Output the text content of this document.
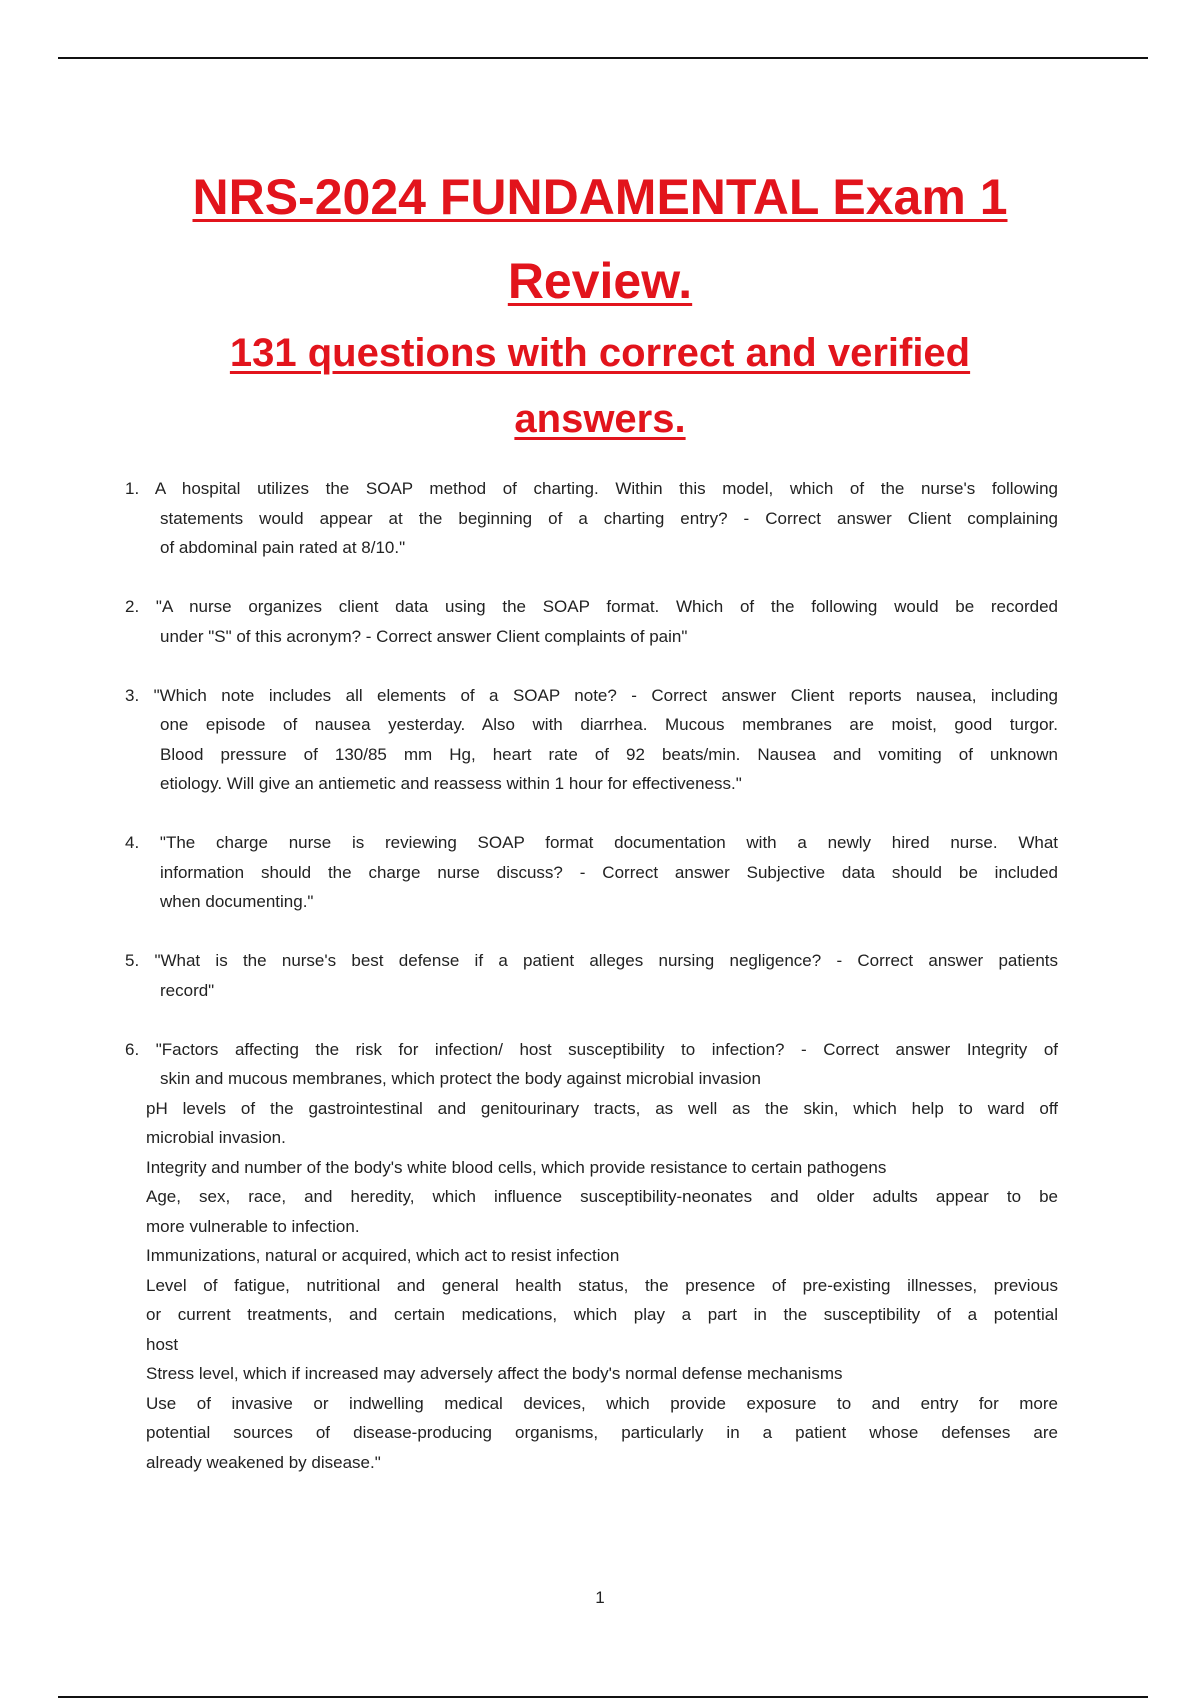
NRS-2024 FUNDAMENTAL Exam 1
Review.
131 questions with correct and verified
answers.
1. A hospital utilizes the SOAP method of charting. Within this model, which of the nurse's following
statements would appear at the beginning of a charting entry? - Correct answer Client complaining
of abdominal pain rated at 8/10."
2. "A nurse organizes client data using the SOAP format. Which of the following would be recorded
under "S" of this acronym? - Correct answer Client complaints of pain"
3. "Which note includes all elements of a SOAP note? - Correct answer Client reports nausea, including
one episode of nausea yesterday. Also with diarrhea. Mucous membranes are moist, good turgor.
Blood pressure of 130/85 mm Hg, heart rate of 92 beats/min. Nausea and vomiting of unknown
etiology. Will give an antiemetic and reassess within 1 hour for effectiveness."
4. "The charge nurse is reviewing SOAP format documentation with a newly hired nurse. What
information should the charge nurse discuss? - Correct answer Subjective data should be included
when documenting."
5. "What is the nurse's best defense if a patient alleges nursing negligence? - Correct answer patients
record"
6. "Factors affecting the risk for infection/ host susceptibility to infection? - Correct answer Integrity of
skin and mucous membranes, which protect the body against microbial invasion
pH levels of the gastrointestinal and genitourinary tracts, as well as the skin, which help to ward off
microbial invasion.
Integrity and number of the body's white blood cells, which provide resistance to certain pathogens
Age, sex, race, and heredity, which influence susceptibility-neonates and older adults appear to be
more vulnerable to infection.
Immunizations, natural or acquired, which act to resist infection
Level of fatigue, nutritional and general health status, the presence of pre-existing illnesses, previous
or current treatments, and certain medications, which play a part in the susceptibility of a potential
host
Stress level, which if increased may adversely affect the body's normal defense mechanisms
Use of invasive or indwelling medical devices, which provide exposure to and entry for more
potential sources of disease-producing organisms, particularly in a patient whose defenses are
already weakened by disease."
1
